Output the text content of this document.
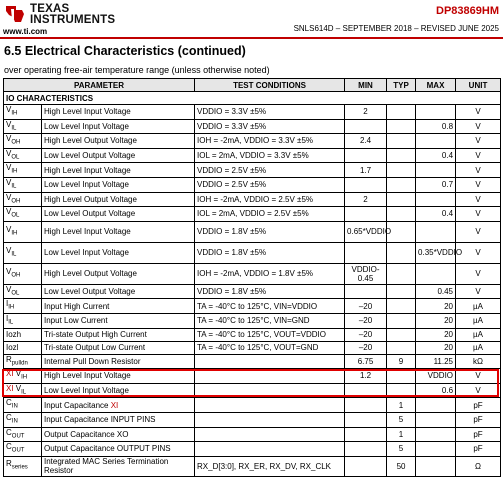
TEXAS
INSTRUMENTS
www.ti.com
DP83869HM
SNLS614D – SEPTEMBER 2018 – REVISED JUNE 2025
6.5 Electrical Characteristics (continued)
over operating free-air temperature range (unless otherwise noted)
PARAMETER		TEST CONDITIONS	MIN	TYP	MAX	UNIT
IO CHARACTERISTICS						
$V_{IH}$	High Level Input Voltage	VDDIO = 3.3V ±5%	2			V
$V_{IL}$	Low Level Input Voltage	VDDIO = 3.3V ±5%			0.8	V
$V_{OH}$	High Level Output Voltage	IOH = -2mA, VDDIO = 3.3V ±5%	2.4			V
$V_{OL}$	Low Level Output Voltage	IOL = 2mA, VDDIO = 3.3V ±5%			0.4	V
$V_{IH}$	High Level Input Voltage	VDDIO = 2.5V ±5%	1.7			V
$V_{IL}$	Low Level Input Voltage	VDDIO = 2.5V ±5%			0.7	V
$V_{OH}$	High Level Output Voltage	IOH = -2mA, VDDIO = 2.5V ±5%	2			V
$V_{OL}$	Low Level Output Voltage	IOL = 2mA, VDDIO = 2.5V ±5%			0.4	V
$V_{IH}$	High Level Input Voltage	VDDIO = 1.8V ±5%	0.65*VDDIO			V
$V_{IL}$	Low Level Input Voltage	VDDIO = 1.8V ±5%			0.35*VDDIO	V
$V_{OH}$	High Level Output Voltage	IOH = -2mA, VDDIO = 1.8V ±5%	VDDIO-0.45			V
$V_{OL}$	Low Level Output Voltage	VDDIO = 1.8V ±5%			0.45	V
$I_{IH}$	Input High Current	TA = -40°C to 125°C, VIN=VDDIO	–20		20	µA
$I_{IL}$	Input Low Current	TA = -40°C to 125°C, VIN=GND	–20		20	µA
Iozh	Tri-state Output High Current	TA = -40°C to 125°C, VOUT=VDDIO	–20		20	µA
Iozl	Tri-state Output Low Current	TA = -40°C to 125°C, VOUT=GND	–20		20	µA
$R_{pulldn}$	Internal Pull Down Resistor		6.75	9	11.25	kΩ
XI $V_{IH}$	High Level Input Voltage		1.2		VDDIO	V
XI $V_{IL}$	Low Level Input Voltage				0.6	V
$C_{IN}$	Input Capacitance XI			1		pF
$C_{IN}$	Input Capacitance INPUT PINS			5		pF
$C_{OUT}$	Output Capacitance XO			1		pF
$C_{OUT}$	Output Capacitance OUTPUT PINS			5		pF
$R_{series}$	Integrated MAC Series Termination Resistor	RX_D[3:0], RX_ER, RX_DV, RX_CLK		50		Ω
